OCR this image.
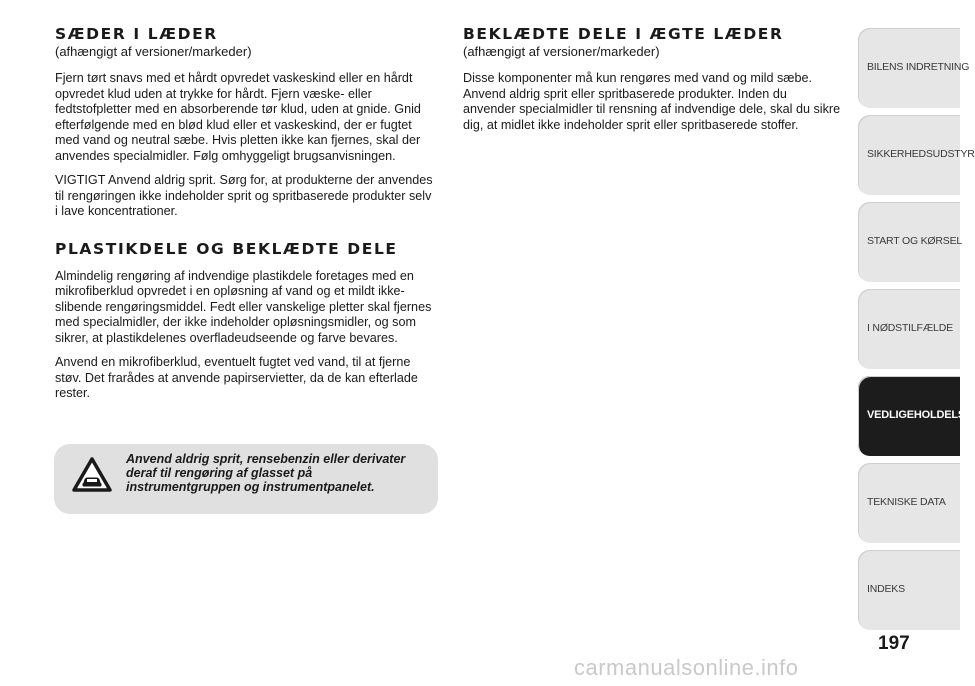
SÆDER I LÆDER

(afhængigt af versioner/markeder)

Fjern tørt snavs med et hårdt opvredet vaskeskind eller en hårdt opvredet klud uden at trykke for hårdt. Fjern væske- eller fedtstofpletter med en absorberende tør klud, uden at gnide. Gnid efterfølgende med en blød klud eller et vaskeskind, der er fugtet med vand og neutral sæbe. Hvis pletten ikke kan fjernes, skal der anvendes specialmidler. Følg omhyggeligt brugsanvisningen.

VIGTIGT Anvend aldrig sprit. Sørg for, at produkterne der anvendes til rengøringen ikke indeholder sprit og spritbaserede produkter selv i lave koncentrationer.

PLASTIKDELE OG BEKLÆDTE DELE

Almindelig rengøring af indvendige plastikdele foretages med en mikrofiberklud opvredet i en opløsning af vand og et mildt ikke-slibende rengøringsmiddel. Fedt eller vanskelige pletter skal fjernes med specialmidler, der ikke indeholder opløsningsmidler, og som sikrer, at plastikdelenes overfladeudseende og farve bevares.

Anvend en mikrofiberklud, eventuelt fugtet ved vand, til at fjerne støv. Det frarådes at anvende papirservietter, da de kan efterlade rester.

Anvend aldrig sprit, rensebenzin eller derivater deraf til rengøring af glasset på instrumentgruppen og instrumentpanelet.
BEKLÆDTE DELE I ÆGTE LÆDER

(afhængigt af versioner/markeder)

Disse komponenter må kun rengøres med vand og mild sæbe. Anvend aldrig sprit eller spritbaserede produkter. Inden du anvender specialmidler til rensning af indvendige dele, skal du sikre dig, at midlet ikke indeholder sprit eller spritbaserede stoffer.

BILENS INDRETNING
SIKKERHEDSUDSTYR
START OG KØRSEL
I NØDSTILFÆLDE
VEDLIGEHOLDELSE
TEKNISKE DATA
INDEKS
197
carmanualsonline.info
